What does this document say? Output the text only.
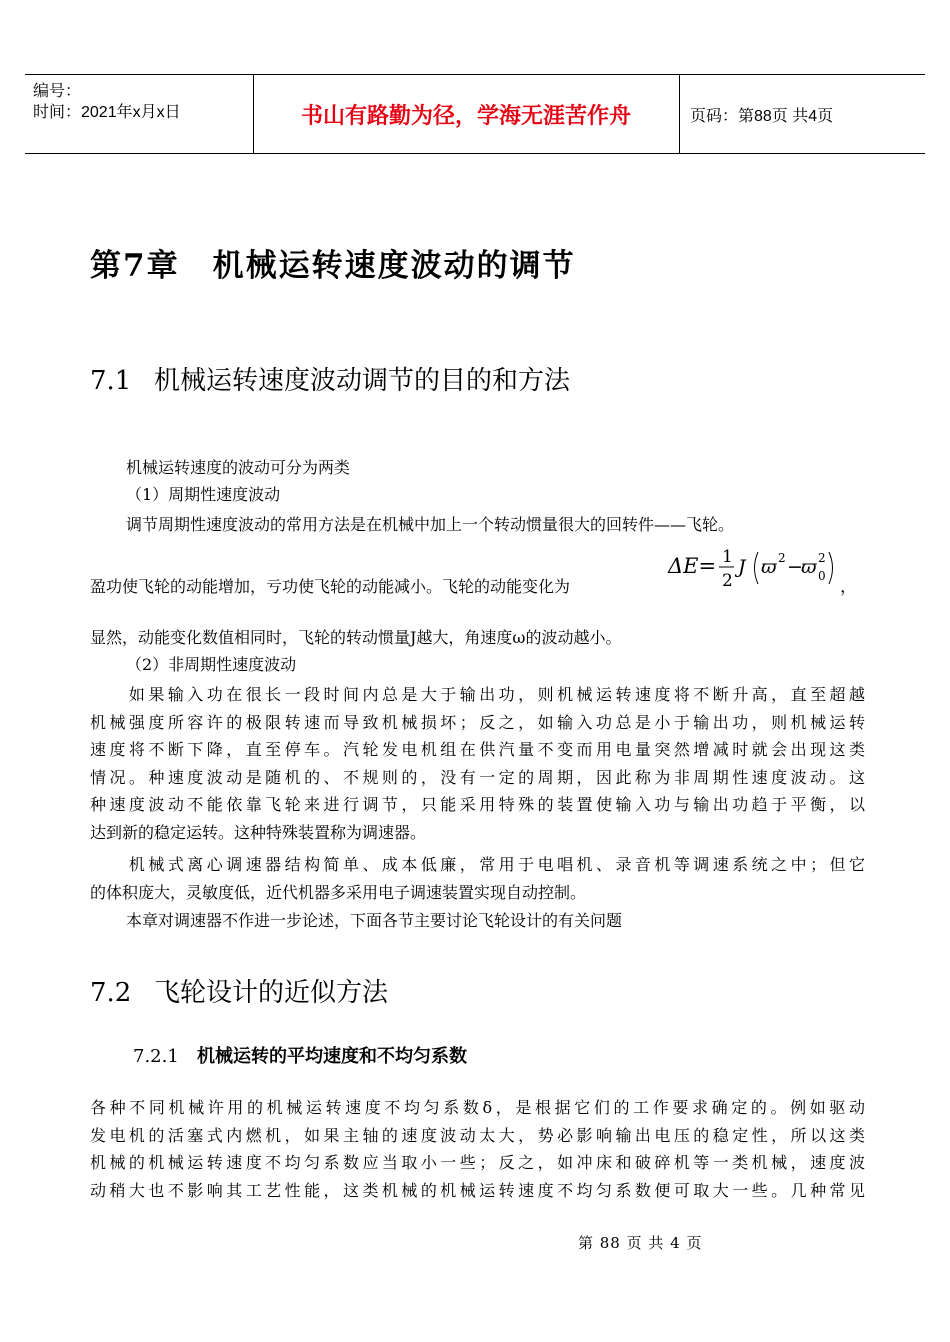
编号：
时间：2021年x月x日	书山有路勤为径，学海无涯苦作舟	页码：第88页 共4页
第7章　机械运转速度波动的调节
7.1 机械运转速度波动调节的目的和方法
机械运转速度的波动可分为两类
（1）周期性速度波动
调节周期性速度波动的常用方法是在机械中加上一个转动惯量很大的回转件——飞轮。
盈功使飞轮的动能增加，亏功使飞轮的动能减小。飞轮的动能变化为
ΔE= 1
2
J ϖ 2 −
ϖ 2
0
，
显然，动能变化数值相同时，飞轮的转动惯量J越大，角速度ω的波动越小。
（2）非周期性速度波动
　　如果输入功在很长一段时间内总是大于输出功，则机械运转速度将不断升高，直至超越
机械强度所容许的极限转速而导致机械损坏；反之，如输入功总是小于输出功，则机械运转
速度将不断下降，直至停车。汽轮发电机组在供汽量不变而用电量突然增减时就会出现这类
情况。种速度波动是随机的、不规则的，没有一定的周期，因此称为非周期性速度波动。这
种速度波动不能依靠飞轮来进行调节，只能采用特殊的装置使输入功与输出功趋于平衡，以
达到新的稳定运转。这种特殊装置称为调速器。
　　机械式离心调速器结构简单、成本低廉，常用于电唱机、录音机等调速系统之中；但它
的体积庞大，灵敏度低，近代机器多采用电子调速装置实现自动控制。
本章对调速器不作进一步论述，下面各节主要讨论飞轮设计的有关问题
7.2 飞轮设计的近似方法
7.2.1 机械运转的平均速度和不均匀系数
各种不同机械许用的机械运转速度不均匀系数δ，是根据它们的工作要求确定的。例如驱动
发电机的活塞式内燃机，如果主轴的速度波动太大，势必影响输出电压的稳定性，所以这类
机械的机械运转速度不均匀系数应当取小一些；反之，如冲床和破碎机等一类机械，速度波
动稍大也不影响其工艺性能，这类机械的机械运转速度不均匀系数便可取大一些。几种常见
第 88 页 共 4 页
